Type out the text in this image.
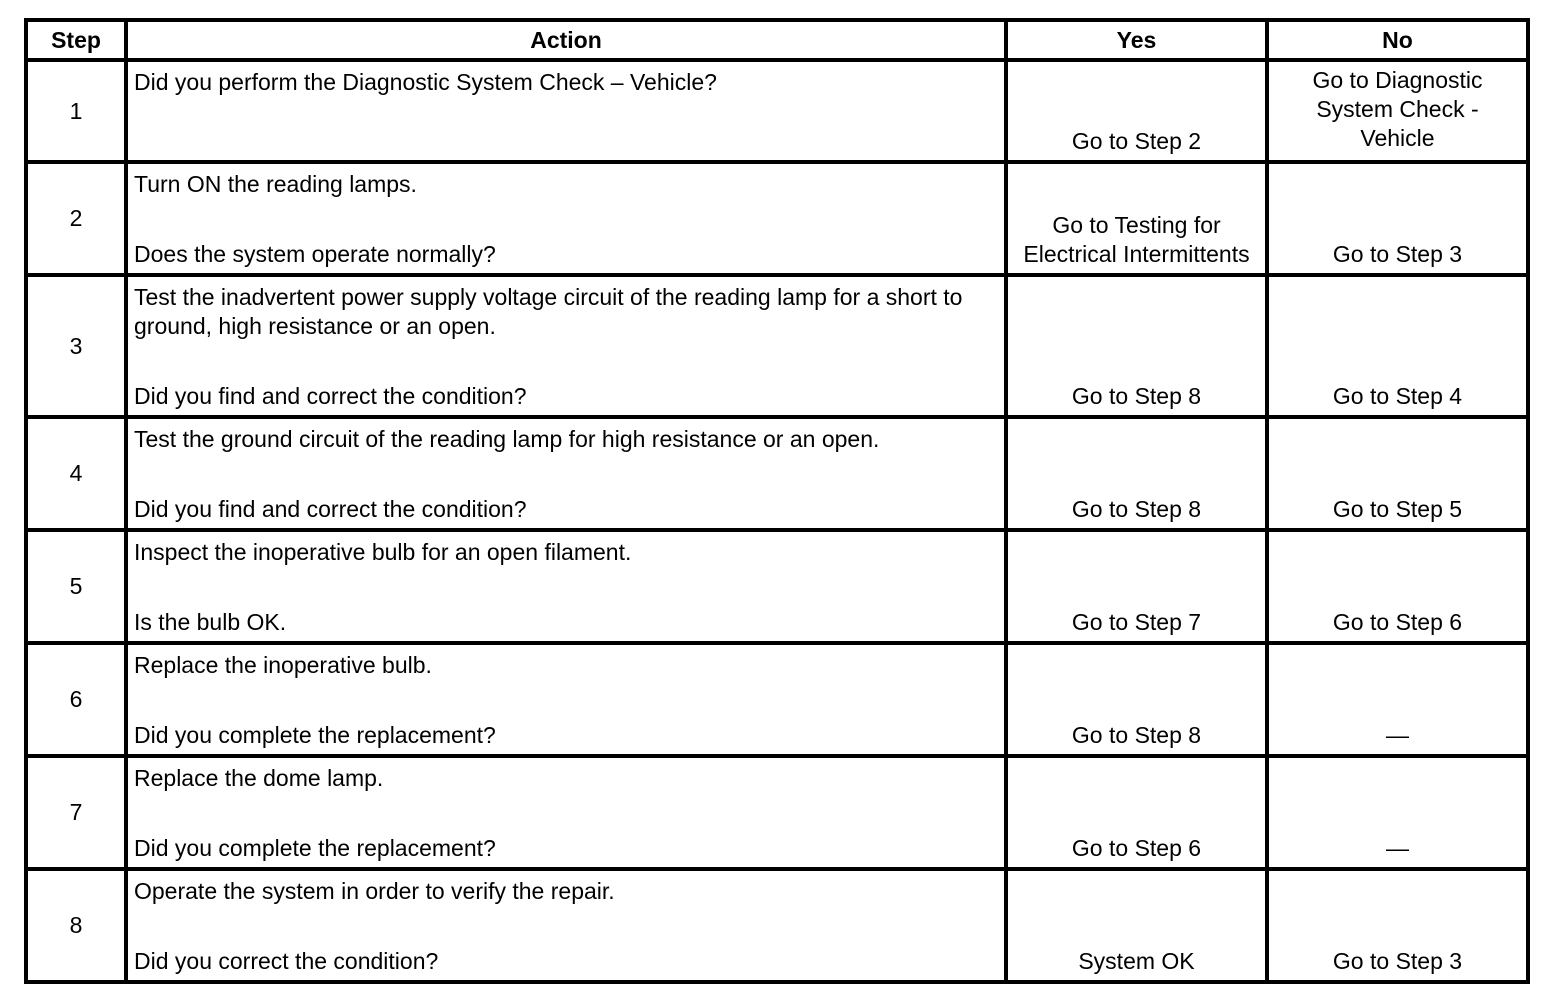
Step	Action	Yes	No
1	Did you perform the Diagnostic System Check – Vehicle?	Go to Step 2	Go to Diagnostic System Check - Vehicle

2	Turn ON the reading lamps.
Does the system operate normally?	Go to Testing for Electrical Intermittents	Go to Step 3
3	Test the inadvertent power supply voltage circuit of the reading lamp for a short to ground, high resistance or an open.
Did you find and correct the condition?	Go to Step 8	Go to Step 4
4	Test the ground circuit of the reading lamp for high resistance or an open.
Did you find and correct the condition?	Go to Step 8	Go to Step 5
5	Inspect the inoperative bulb for an open filament.
Is the bulb OK.	Go to Step 7	Go to Step 6
6	Replace the inoperative bulb.
Did you complete the replacement?	Go to Step 8	—
7	Replace the dome lamp.
Did you complete the replacement?	Go to Step 6	—
8	Operate the system in order to verify the repair.
Did you correct the condition?	System OK	Go to Step 3
